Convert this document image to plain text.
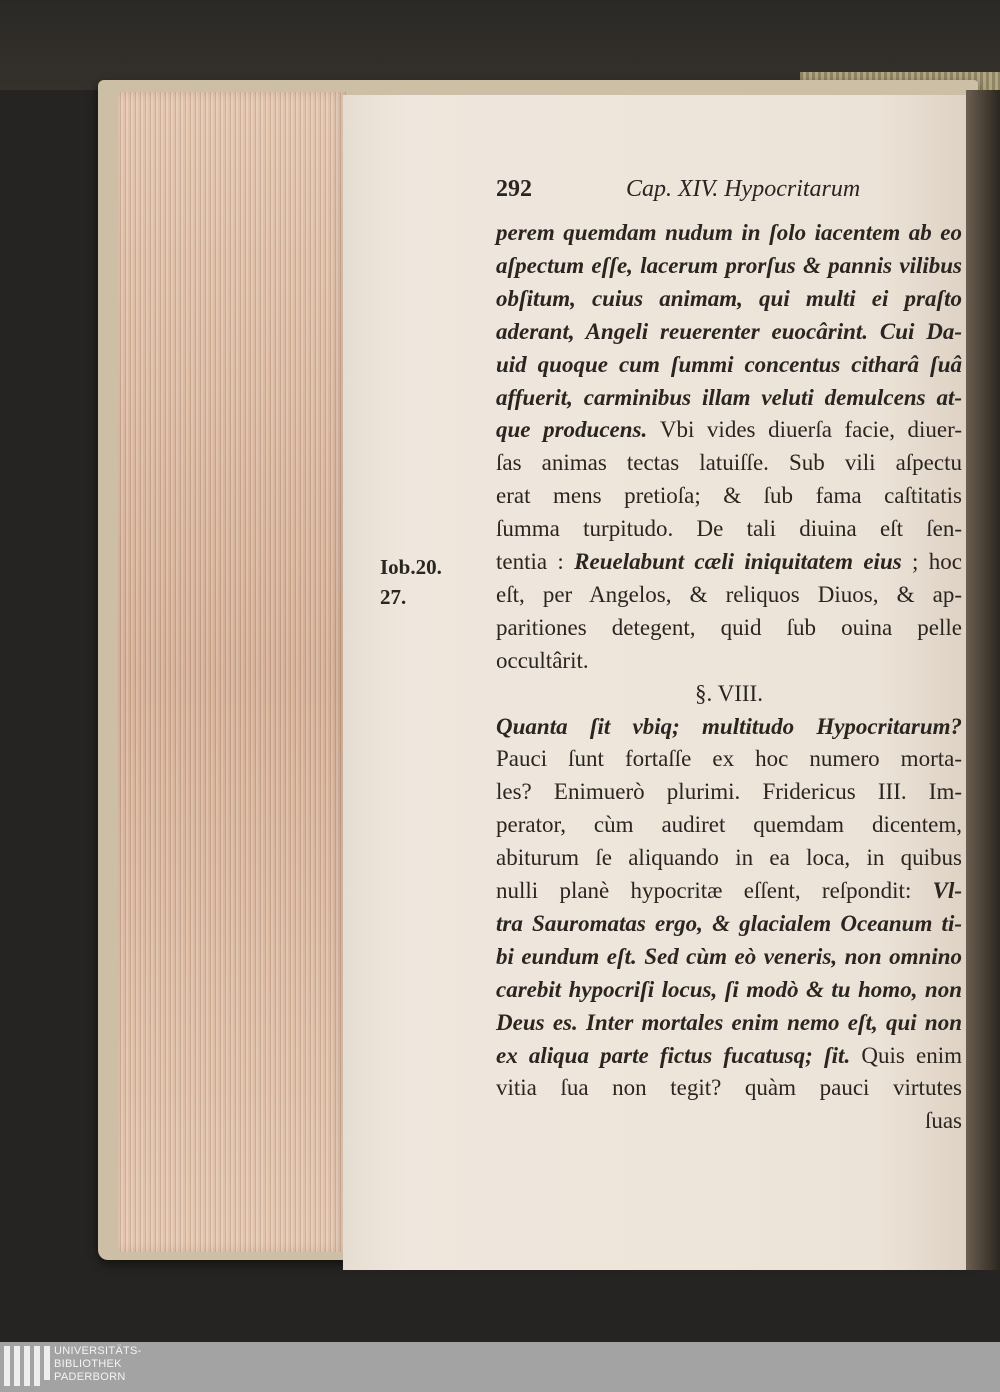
292	Cap. XIV. Hypocritarum
Iob.20.
27.
perem quemdam nudum in ſolo iacentem ab eo
aſpectum eſſe, lacerum prorſus & pannis vilibus
obſitum, cuius animam, qui multi ei praſto
aderant, Angeli reuerenter euocârint. Cui Da-
uid quoque cum ſummi concentus citharâ ſuâ
affuerit, carminibus illam veluti demulcens at-
que producens. Vbi vides diuerſa facie, diuer-
ſas animas tectas latuiſſe. Sub vili aſpectu
erat mens pretioſa; & ſub fama caſtitatis
ſumma turpitudo. De tali diuina eſt ſen-
tentia : Reuelabunt cæli iniquitatem eius ; hoc
eſt, per Angelos, & reliquos Diuos, & ap-
paritiones detegent, quid ſub ouina pelle
occultârit.
§. VIII.
Quanta ſit vbiq; multitudo Hypocritarum?
Pauci ſunt fortaſſe ex hoc numero morta-
les? Enimuerò plurimi. Fridericus III. Im-
perator, cùm audiret quemdam dicentem,
abiturum ſe aliquando in ea loca, in quibus
nulli planè hypocritæ eſſent, reſpondit: Vl-
tra Sauromatas ergo, & glacialem Oceanum ti-
bi eundum eſt. Sed cùm eò veneris, non omnino
carebit hypocriſi locus, ſi modò & tu homo, non
Deus es. Inter mortales enim nemo eſt, qui non
ex aliqua parte fictus fucatusq; ſit. Quis enim
vitia ſua non tegit? quàm pauci virtutes
ſuas
UNIVERSITÄTS-
BIBLIOTHEK
PADERBORN
